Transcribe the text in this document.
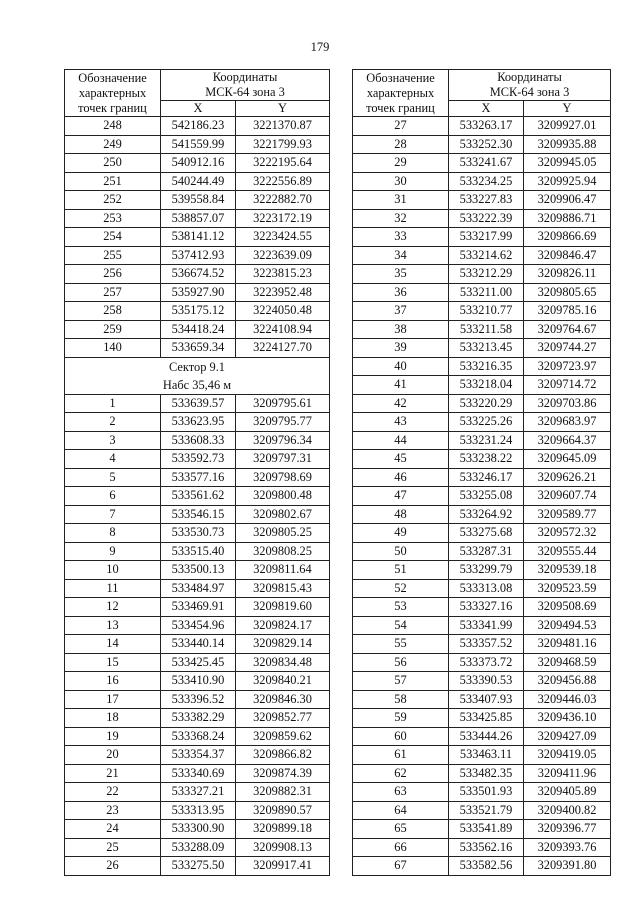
179
Обозначение
характерных
точек границ	Координаты
МСК-64 зона 3	
	X	Y
248	542186.23	3221370.87
249	541559.99	3221799.93
250	540912.16	3222195.64
251	540244.49	3222556.89
252	539558.84	3222882.70
253	538857.07	3223172.19
254	538141.12	3223424.55
255	537412.93	3223639.09
256	536674.52	3223815.23
257	535927.90	3223952.48
258	535175.12	3224050.48
259	534418.24	3224108.94
140	533659.34	3224127.70
Сектор 9.1
Набс 35,46 м		
1	533639.57	3209795.61
2	533623.95	3209795.77
3	533608.33	3209796.34
4	533592.73	3209797.31
5	533577.16	3209798.69
6	533561.62	3209800.48
7	533546.15	3209802.67
8	533530.73	3209805.25
9	533515.40	3209808.25
10	533500.13	3209811.64
11	533484.97	3209815.43
12	533469.91	3209819.60
13	533454.96	3209824.17
14	533440.14	3209829.14
15	533425.45	3209834.48
16	533410.90	3209840.21
17	533396.52	3209846.30
18	533382.29	3209852.77
19	533368.24	3209859.62
20	533354.37	3209866.82
21	533340.69	3209874.39
22	533327.21	3209882.31
23	533313.95	3209890.57
24	533300.90	3209899.18
25	533288.09	3209908.13
26	533275.50	3209917.41
Обозначение
характерных
точек границ	Координаты
МСК-64 зона 3	
	X	Y
27	533263.17	3209927.01
28	533252.30	3209935.88
29	533241.67	3209945.05
30	533234.25	3209925.94
31	533227.83	3209906.47
32	533222.39	3209886.71
33	533217.99	3209866.69
34	533214.62	3209846.47
35	533212.29	3209826.11
36	533211.00	3209805.65
37	533210.77	3209785.16
38	533211.58	3209764.67
39	533213.45	3209744.27
40	533216.35	3209723.97
41	533218.04	3209714.72
42	533220.29	3209703.86
43	533225.26	3209683.97
44	533231.24	3209664.37
45	533238.22	3209645.09
46	533246.17	3209626.21
47	533255.08	3209607.74
48	533264.92	3209589.77
49	533275.68	3209572.32
50	533287.31	3209555.44
51	533299.79	3209539.18
52	533313.08	3209523.59
53	533327.16	3209508.69
54	533341.99	3209494.53
55	533357.52	3209481.16
56	533373.72	3209468.59
57	533390.53	3209456.88
58	533407.93	3209446.03
59	533425.85	3209436.10
60	533444.26	3209427.09
61	533463.11	3209419.05
62	533482.35	3209411.96
63	533501.93	3209405.89
64	533521.79	3209400.82
65	533541.89	3209396.77
66	533562.16	3209393.76
67	533582.56	3209391.80
